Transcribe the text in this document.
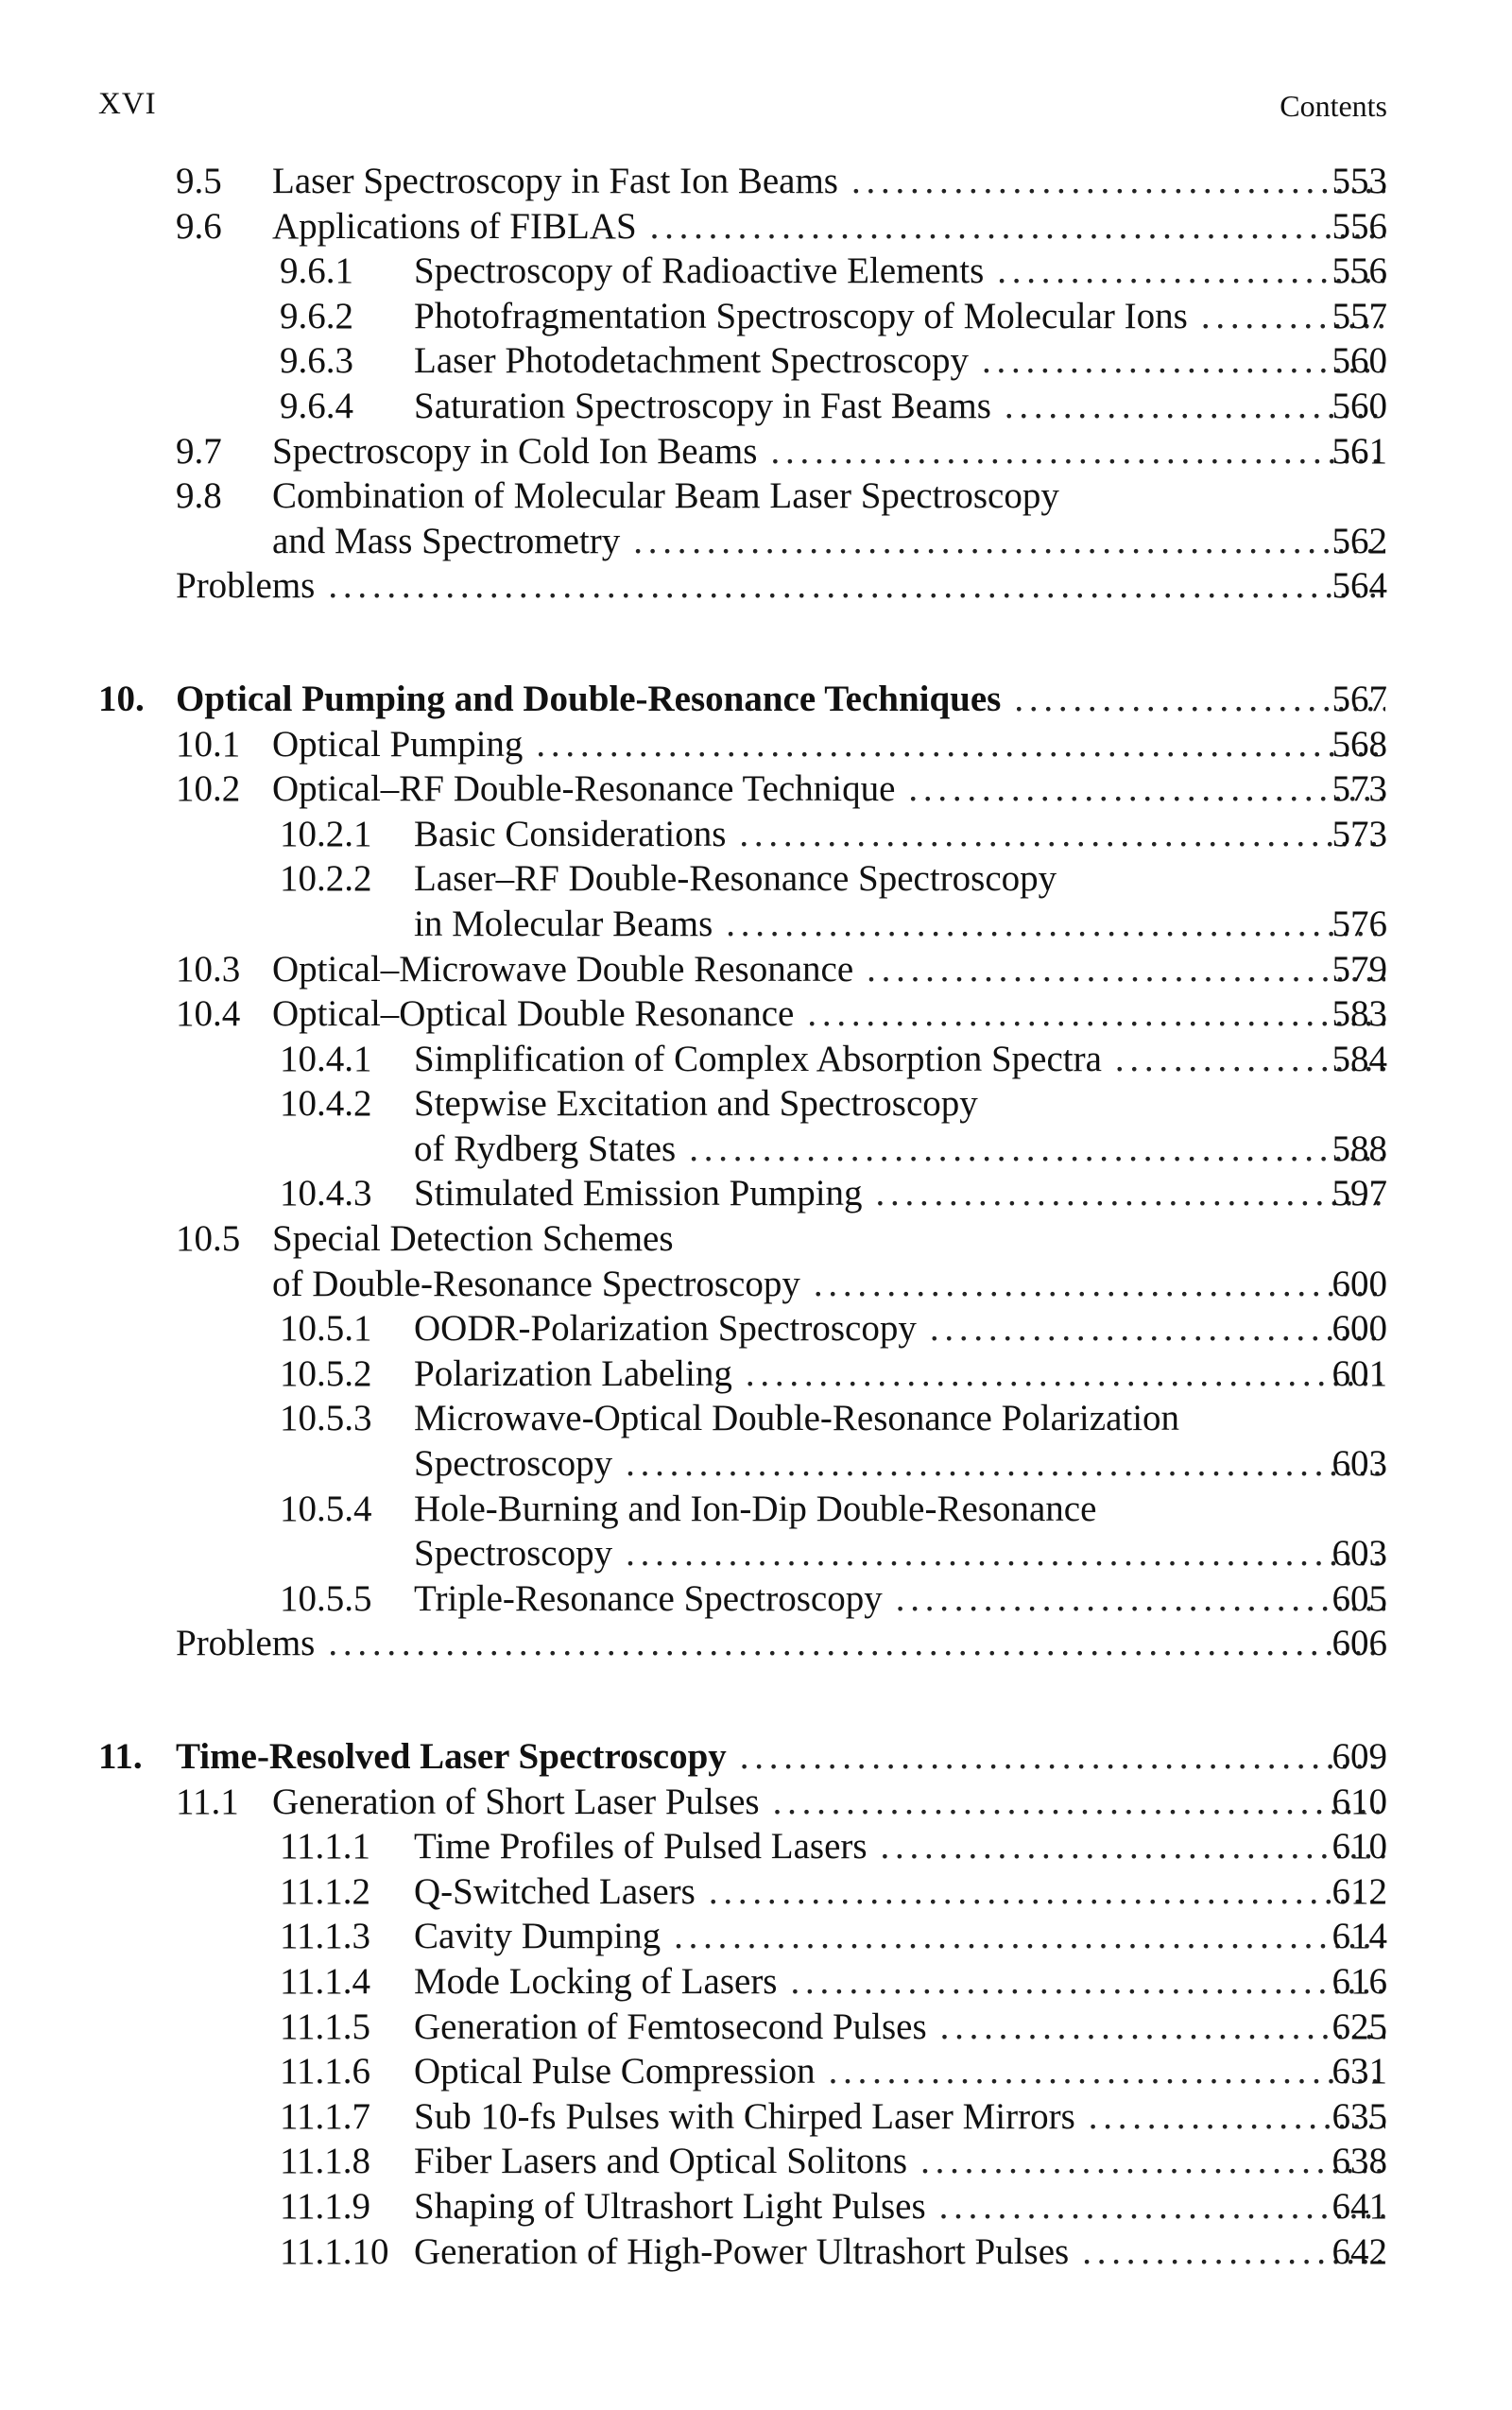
XVI	Contents
9.5 Laser Spectroscopy in Fast Ion Beams . . .	553
9.6 Applications of FIBLAS . . .	556
9.6.1 Spectroscopy of Radioactive Elements . . .	556
9.6.2 Photofragmentation Spectroscopy of Molecular Ions . . .	557
9.6.3 Laser Photodetachment Spectroscopy . . .	560
9.6.4 Saturation Spectroscopy in Fast Beams . . .	560
9.7 Spectroscopy in Cold Ion Beams . . .	561
9.8 Combination of Molecular Beam Laser Spectroscopy
and Mass Spectrometry . . .	562
Problems . . .	564
10. Optical Pumping and Double-Resonance Techniques . . .	567
10.1 Optical Pumping . . .	568
10.2 Optical–RF Double-Resonance Technique . . .	573
10.2.1 Basic Considerations . . .	573
10.2.2 Laser–RF Double-Resonance Spectroscopy
in Molecular Beams . . .	576
10.3 Optical–Microwave Double Resonance . . .	579
10.4 Optical–Optical Double Resonance . . .	583
10.4.1 Simplification of Complex Absorption Spectra . . .	584
10.4.2 Stepwise Excitation and Spectroscopy
of Rydberg States . . .	588
10.4.3 Stimulated Emission Pumping . . .	597
10.5 Special Detection Schemes
of Double-Resonance Spectroscopy . . .	600
10.5.1 OODR-Polarization Spectroscopy . . .	600
10.5.2 Polarization Labeling . . .	601
10.5.3 Microwave-Optical Double-Resonance Polarization
Spectroscopy . . .	603
10.5.4 Hole-Burning and Ion-Dip Double-Resonance
Spectroscopy . . .	603
10.5.5 Triple-Resonance Spectroscopy . . .	605
Problems . . .	606
11. Time-Resolved Laser Spectroscopy . . .	609
11.1 Generation of Short Laser Pulses . . .	610
11.1.1 Time Profiles of Pulsed Lasers . . .	610
11.1.2 Q-Switched Lasers . . .	612
11.1.3 Cavity Dumping . . .	614
11.1.4 Mode Locking of Lasers . . .	616
11.1.5 Generation of Femtosecond Pulses . . .	625
11.1.6 Optical Pulse Compression . . .	631
11.1.7 Sub 10-fs Pulses with Chirped Laser Mirrors . . .	635
11.1.8 Fiber Lasers and Optical Solitons . . .	638
11.1.9 Shaping of Ultrashort Light Pulses . . .	641
11.1.10 Generation of High-Power Ultrashort Pulses . . .	642
